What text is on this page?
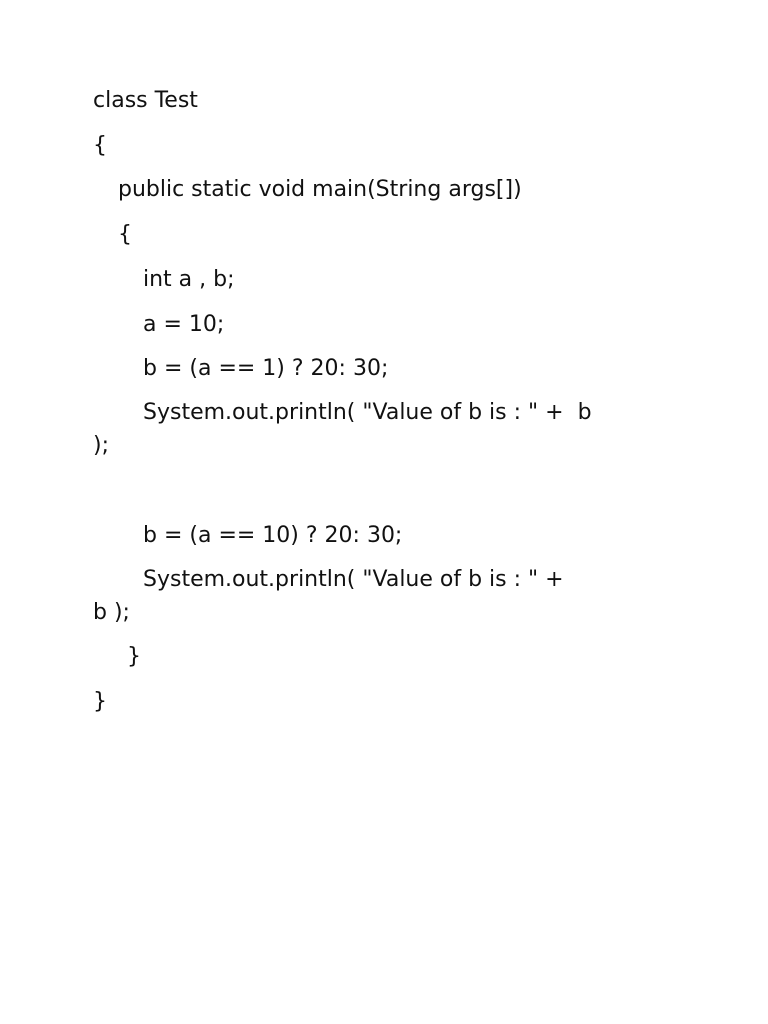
class Test
{
public static void main(String args[])
{
int a , b;
a = 10;
b = (a == 1) ? 20: 30;
System.out.println( "Value of b is : " +  b
);
b = (a == 10) ? 20: 30;
System.out.println( "Value of b is : " +
b );
}
}
